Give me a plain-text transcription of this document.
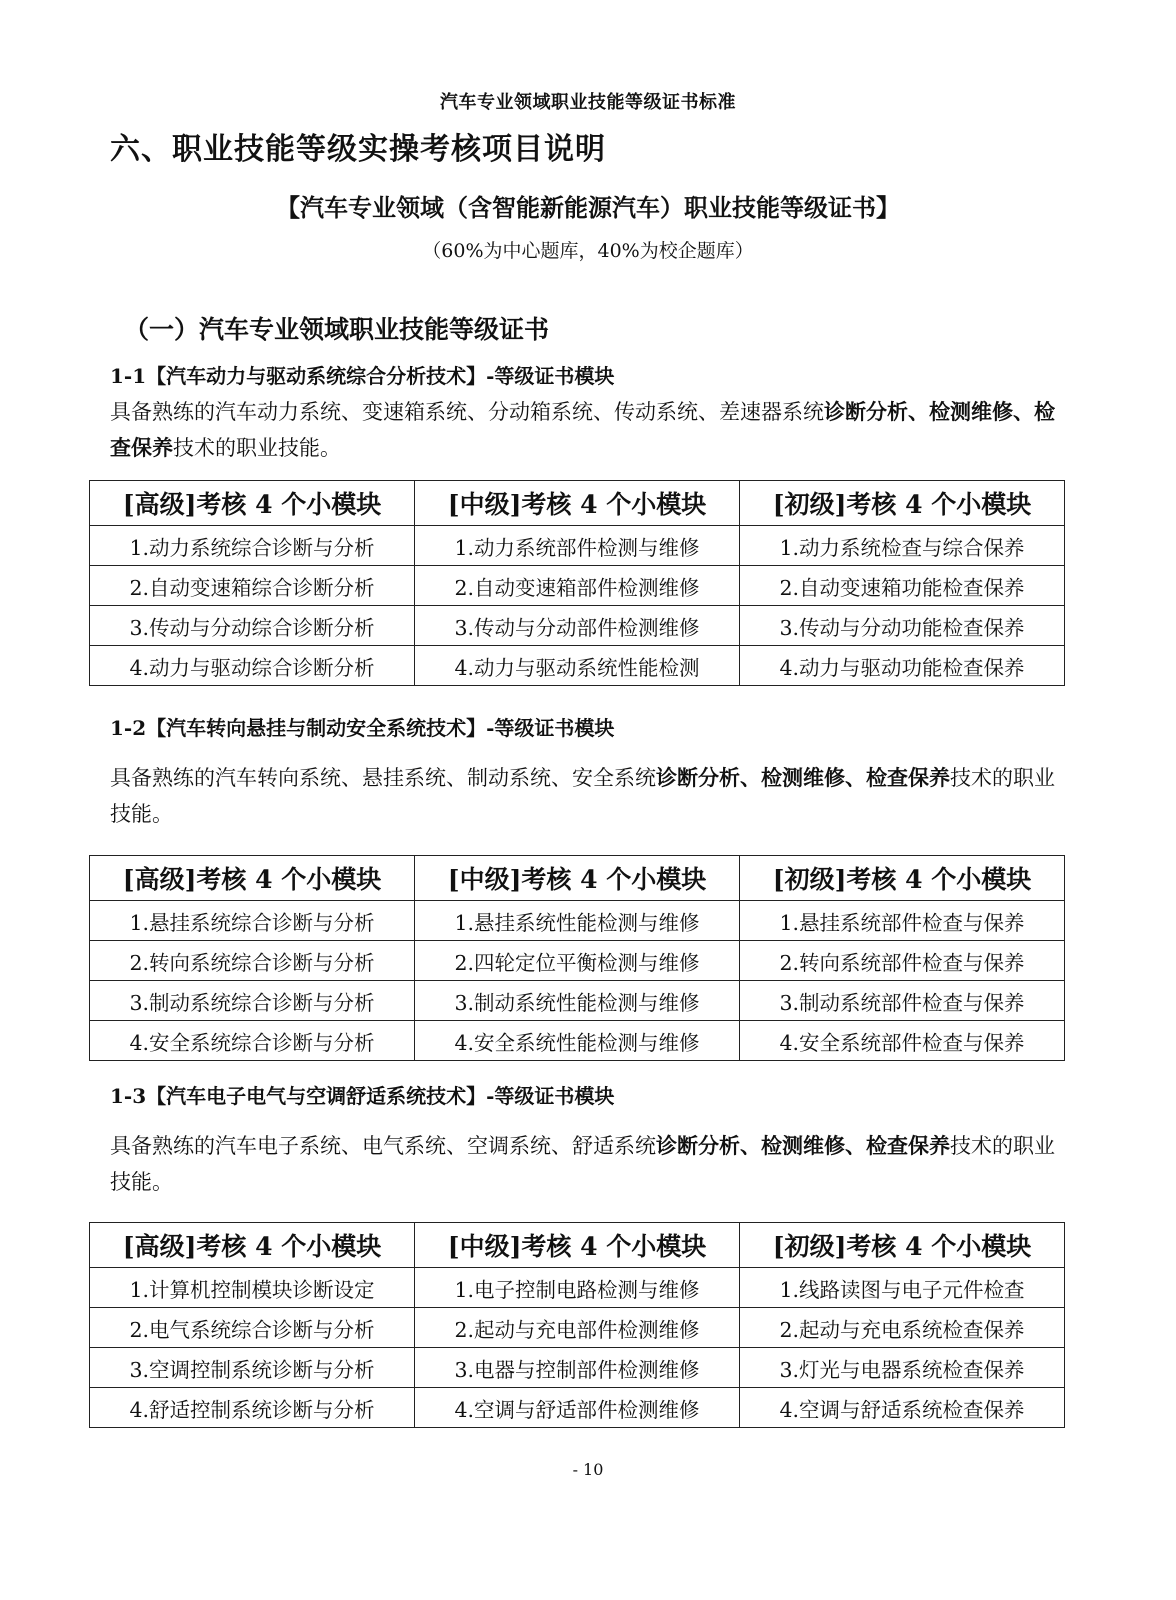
汽车专业领域职业技能等级证书标准
六、职业技能等级实操考核项目说明
【汽车专业领域（含智能新能源汽车）职业技能等级证书】
（60%为中心题库，40%为校企题库）
（一）汽车专业领域职业技能等级证书
1-1【汽车动力与驱动系统综合分析技术】-等级证书模块
具备熟练的汽车动力系统、变速箱系统、分动箱系统、传动系统、差速器系统诊断分析、检测维修、检查保养技术的职业技能。
[高级]考核 4 个小模块	[中级]考核 4 个小模块	[初级]考核 4 个小模块
1.动力系统综合诊断与分析	1.动力系统部件检测与维修	1.动力系统检查与综合保养
2.自动变速箱综合诊断分析	2.自动变速箱部件检测维修	2.自动变速箱功能检查保养
3.传动与分动综合诊断分析	3.传动与分动部件检测维修	3.传动与分动功能检查保养
4.动力与驱动综合诊断分析	4.动力与驱动系统性能检测	4.动力与驱动功能检查保养
1-2【汽车转向悬挂与制动安全系统技术】-等级证书模块
具备熟练的汽车转向系统、悬挂系统、制动系统、安全系统诊断分析、检测维修、检查保养技术的职业技能。
[高级]考核 4 个小模块	[中级]考核 4 个小模块	[初级]考核 4 个小模块
1.悬挂系统综合诊断与分析	1.悬挂系统性能检测与维修	1.悬挂系统部件检查与保养
2.转向系统综合诊断与分析	2.四轮定位平衡检测与维修	2.转向系统部件检查与保养
3.制动系统综合诊断与分析	3.制动系统性能检测与维修	3.制动系统部件检查与保养
4.安全系统综合诊断与分析	4.安全系统性能检测与维修	4.安全系统部件检查与保养
1-3【汽车电子电气与空调舒适系统技术】-等级证书模块
具备熟练的汽车电子系统、电气系统、空调系统、舒适系统诊断分析、检测维修、检查保养技术的职业技能。
[高级]考核 4 个小模块	[中级]考核 4 个小模块	[初级]考核 4 个小模块
1.计算机控制模块诊断设定	1.电子控制电路检测与维修	1.线路读图与电子元件检查
2.电气系统综合诊断与分析	2.起动与充电部件检测维修	2.起动与充电系统检查保养
3.空调控制系统诊断与分析	3.电器与控制部件检测维修	3.灯光与电器系统检查保养
4.舒适控制系统诊断与分析	4.空调与舒适部件检测维修	4.空调与舒适系统检查保养
- 10
